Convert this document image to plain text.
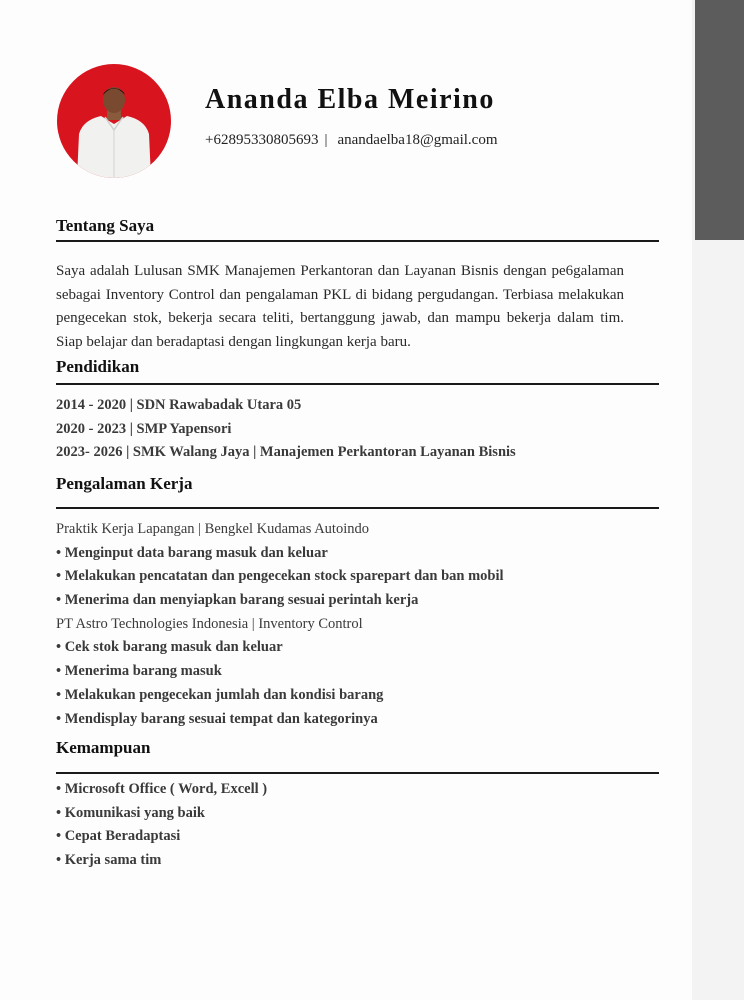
Ananda Elba Meirino
+62895330805693 | anandaelba18@gmail.com
Tentang Saya
Saya adalah Lulusan SMK Manajemen Perkantoran dan Layanan Bisnis dengan pe6galaman sebagai Inventory Control dan pengalaman PKL di bidang pergudangan. Terbiasa melakukan pengecekan stok, bekerja secara teliti, bertanggung jawab, dan mampu bekerja dalam tim. Siap belajar dan beradaptasi dengan lingkungan kerja baru.
Pendidikan
2014 - 2020 | SDN Rawabadak Utara 05
2020 - 2023 | SMP Yapensori
2023- 2026 | SMK Walang Jaya | Manajemen Perkantoran Layanan Bisnis
Pengalaman Kerja
Praktik Kerja Lapangan | Bengkel Kudamas Autoindo
• Menginput data barang masuk dan keluar
• Melakukan pencatatan dan pengecekan stock sparepart dan ban mobil
• Menerima dan menyiapkan barang sesuai perintah kerja
PT Astro Technologies Indonesia | Inventory Control
• Cek stok barang masuk dan keluar
• Menerima barang masuk
• Melakukan pengecekan jumlah dan kondisi barang
• Mendisplay barang sesuai tempat dan kategorinya
Kemampuan
• Microsoft Office ( Word, Excell )
• Komunikasi yang baik
• Cepat Beradaptasi
• Kerja sama tim
